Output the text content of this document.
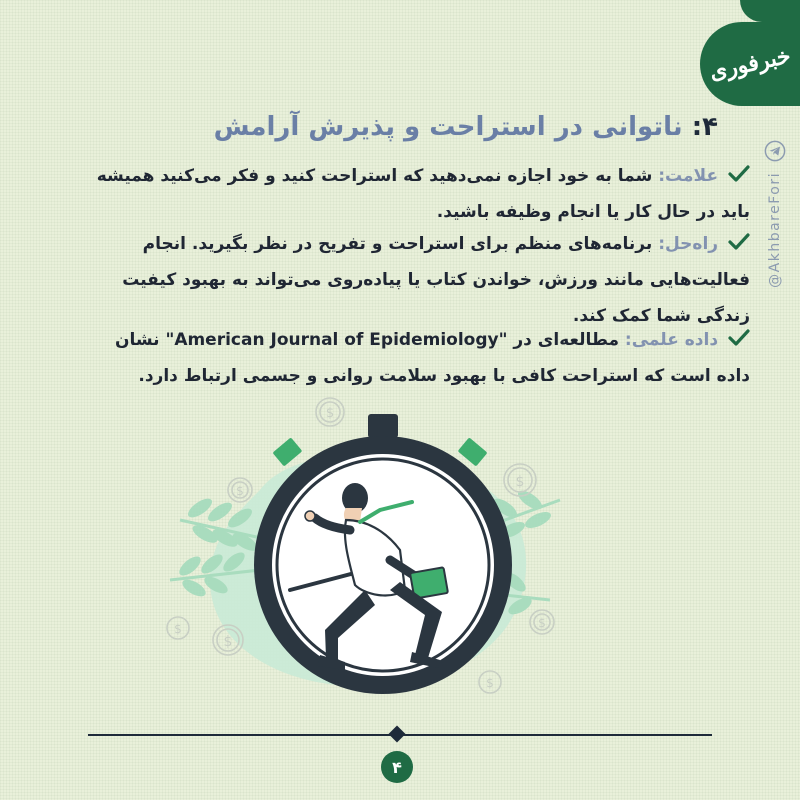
خبرفوری
@AkhbareFori
۴: ناتوانی در استراحت و پذیرش آرامش
علامت: شما به خود اجازه نمی‌دهید که استراحت کنید و فکر می‌کنید همیشه باید در حال کار یا انجام وظیفه باشید.
راه‌حل: برنامه‌های منظم برای استراحت و تفریح در نظر بگیرید. انجام فعالیت‌هایی مانند ورزش، خواندن کتاب یا پیاده‌روی می‌تواند به بهبود کیفیت زندگی شما کمک کند.
داده علمی: مطالعه‌ای در "American Journal of Epidemiology" نشان داده است که استراحت کافی با بهبود سلامت روانی و جسمی ارتباط دارد.
$
$
$
$
$
$
$
۴
